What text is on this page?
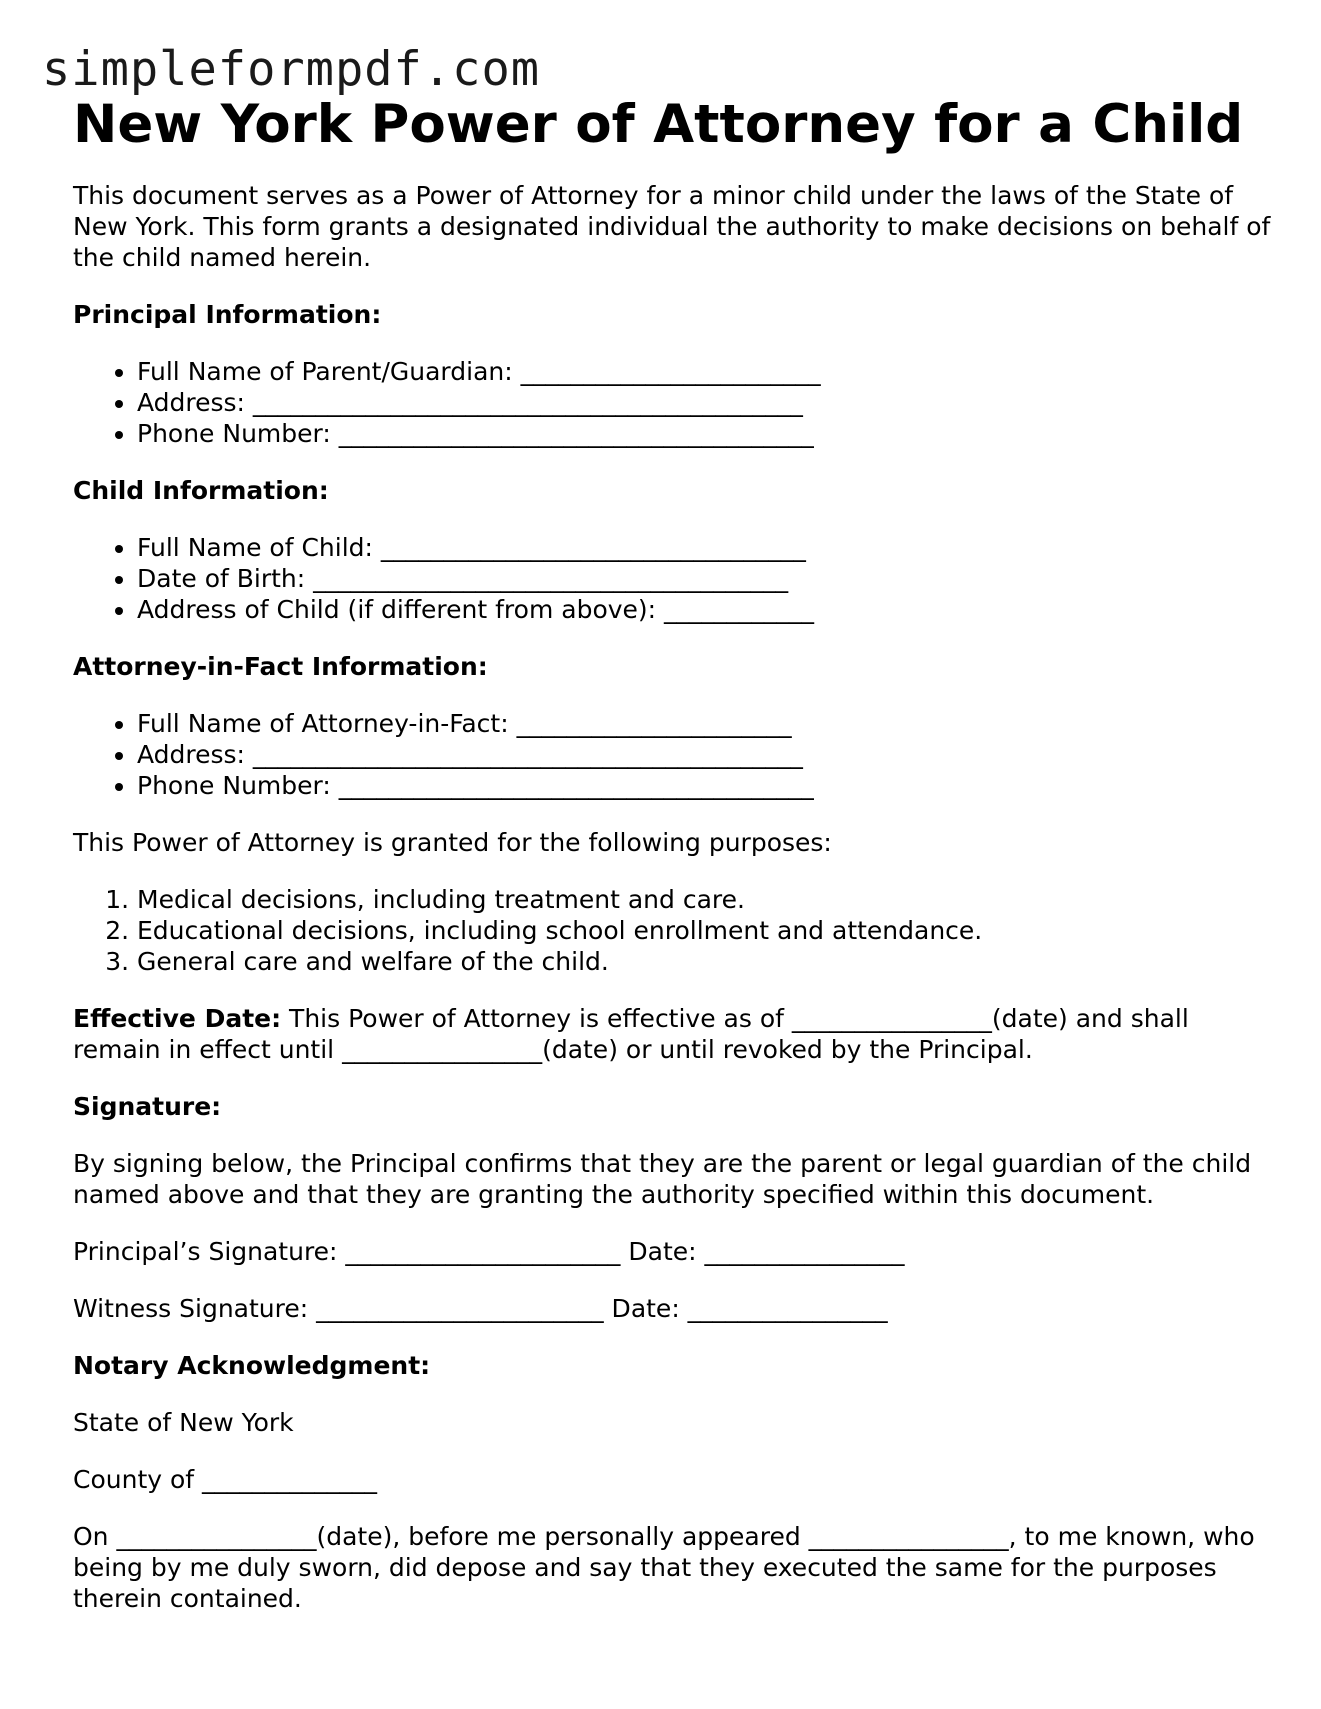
simpleformpdf.com
New York Power of Attorney for a Child

This document serves as a Power of Attorney for a minor child under the laws of the State of New York. This form grants a designated individual the authority to make decisions on behalf of the child named herein.

Principal Information:

• Full Name of Parent/Guardian: ________________________
• Address: ____________________________________________
• Phone Number: ______________________________________

Child Information:

• Full Name of Child: __________________________________
• Date of Birth: ______________________________________
• Address of Child (if different from above): ____________

Attorney-in-Fact Information:

• Full Name of Attorney-in-Fact: ______________________
• Address: ____________________________________________
• Phone Number: ______________________________________

This Power of Attorney is granted for the following purposes:

1. Medical decisions, including treatment and care.
2. Educational decisions, including school enrollment and attendance.
3. General care and welfare of the child.

Effective Date: This Power of Attorney is effective as of ________________(date) and shall remain in effect until ________________(date) or until revoked by the Principal.

Signature:

By signing below, the Principal confirms that they are the parent or legal guardian of the child named above and that they are granting the authority specified within this document.

Principal’s Signature: ______________________ Date: ________________

Witness Signature: _______________________ Date: ________________

Notary Acknowledgment:

State of New York

County of ______________

On ________________(date), before me personally appeared ________________, to me known, who being by me duly sworn, did depose and say that they executed the same for the purposes therein contained.
